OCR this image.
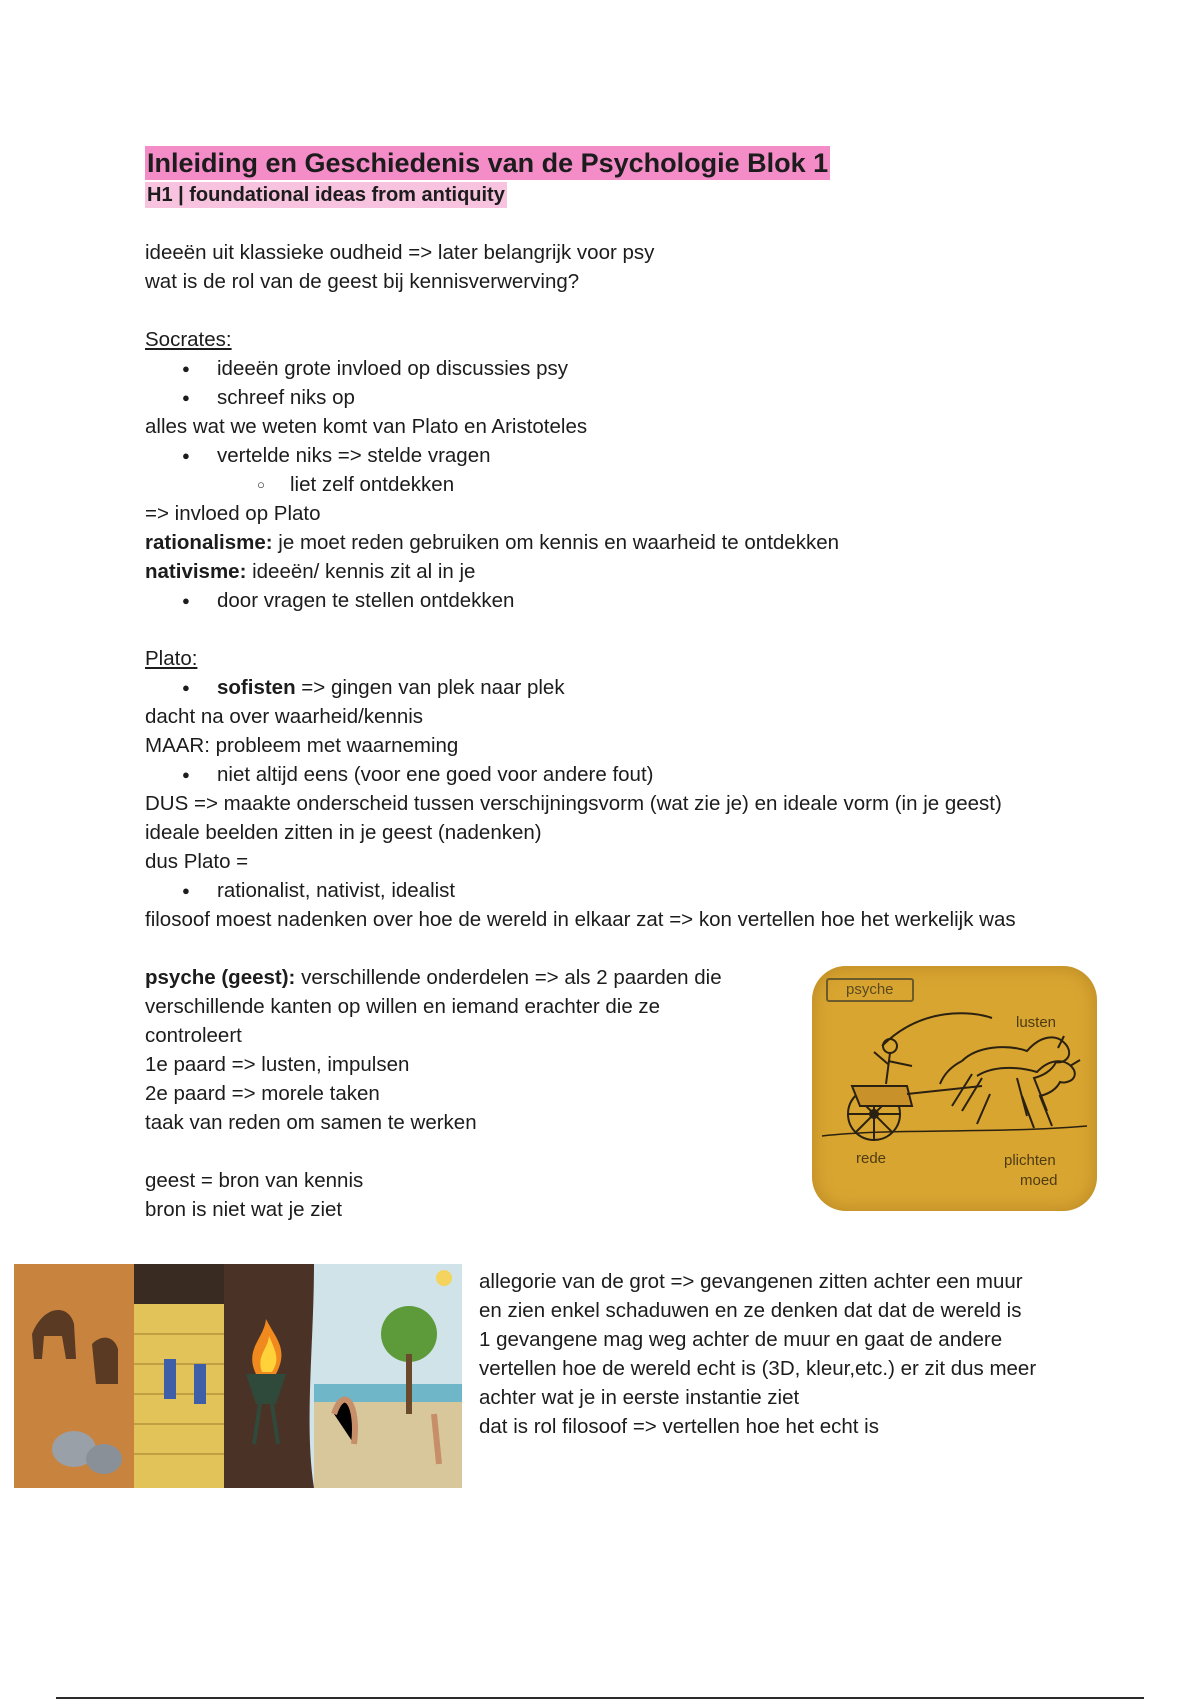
Inleiding en Geschiedenis van de Psychologie Blok 1
H1 | foundational ideas from antiquity
ideeën uit klassieke oudheid => later belangrijk voor psy
wat is de rol van de geest bij kennisverwerving?
Socrates:
● ideeën grote invloed op discussies psy
● schreef niks op
alles wat we weten komt van Plato en Aristoteles
● vertelde niks => stelde vragen
○ liet zelf ontdekken
=> invloed op Plato
rationalisme: je moet reden gebruiken om kennis en waarheid te ontdekken
nativisme: ideeën/ kennis zit al in je
● door vragen te stellen ontdekken
Plato:
● sofisten => gingen van plek naar plek
dacht na over waarheid/kennis
MAAR: probleem met waarneming
● niet altijd eens (voor ene goed voor andere fout)
DUS => maakte onderscheid tussen verschijningsvorm (wat zie je) en ideale vorm (in je geest)
ideale beelden zitten in je geest (nadenken)
dus Plato =
● rationalist, nativist, idealist
filosoof moest nadenken over hoe de wereld in elkaar zat => kon vertellen hoe het werkelijk was
psyche (geest): verschillende onderdelen => als 2 paarden die
verschillende kanten op willen en iemand erachter die ze
controleert
1e paard => lusten, impulsen
2e paard => morele taken
taak van reden om samen te werken
geest = bron van kennis
bron is niet wat je ziet
psyche
lusten
rede	plichten
moed
allegorie van de grot => gevangenen zitten achter een muur
en zien enkel schaduwen en ze denken dat dat de wereld is
1 gevangene mag weg achter de muur en gaat de andere
vertellen hoe de wereld echt is (3D, kleur,etc.) er zit dus meer
achter wat je in eerste instantie ziet
dat is rol filosoof => vertellen hoe het echt is
